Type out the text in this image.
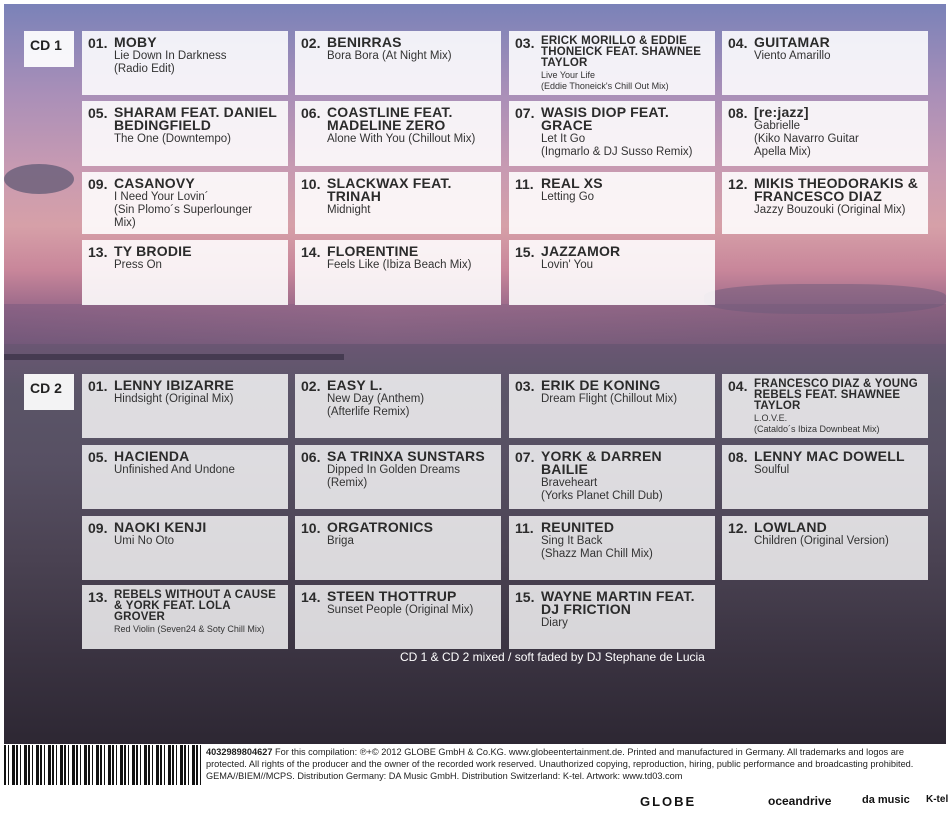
CD 1	01. MOBY
Lie Down In Darkness
(Radio Edit)
02. BENIRRAS
Bora Bora (At Night Mix)
03. ERICK MORILLO & EDDIE THONEICK FEAT. SHAWNEE TAYLOR
Live Your Life
(Eddie Thoneick's Chill Out Mix)
04. GUITAMAR
Viento Amarillo
05. SHARAM FEAT. DANIEL BEDINGFIELD
The One (Downtempo)
06. COASTLINE FEAT. MADELINE ZERO
Alone With You (Chillout Mix)
07. WASIS DIOP FEAT. GRACE
Let It Go
(Ingmarlo & DJ Susso Remix)
08. [re:jazz]
Gabrielle
(Kiko Navarro Guitar
Apella Mix)
09. CASANOVY
I Need Your Lovin´
(Sin Plomo´s Superlounger
Mix)
10. SLACKWAX FEAT. TRINAH
Midnight
11. REAL XS
Letting Go
12. MIKIS THEODORAKIS & FRANCESCO DIAZ
Jazzy Bouzouki (Original Mix)
13. TY BRODIE
Press On
14. FLORENTINE
Feels Like (Ibiza Beach Mix)
15. JAZZAMOR
Lovin' You
CD 2	01. LENNY IBIZARRE
Hindsight (Original Mix)
02. EASY L.
New Day (Anthem)
(Afterlife Remix)
03. ERIK DE KONING
Dream Flight (Chillout Mix)
04. FRANCESCO DIAZ & YOUNG REBELS FEAT. SHAWNEE TAYLOR
L.O.V.E.
(Cataldo´s Ibiza Downbeat Mix)
05. HACIENDA
Unfinished And Undone
06. SA TRINXA SUNSTARS
Dipped In Golden Dreams
(Remix)
07. YORK & DARREN BAILIE
Braveheart
(Yorks Planet Chill Dub)
08. LENNY MAC DOWELL
Soulful
09. NAOKI KENJI
Umi No Oto
10. ORGATRONICS
Briga
11. REUNITED
Sing It Back
(Shazz Man Chill Mix)
12. LOWLAND
Children (Original Version)
13. REBELS WITHOUT A CAUSE & YORK FEAT. LOLA GROVER
Red Violin (Seven24 & Soty Chill Mix)
14. STEEN THOTTRUP
Sunset People (Original Mix)
15. WAYNE MARTIN FEAT. DJ FRICTION
Diary
CD 1 & CD 2 mixed / soft faded by DJ Stephane de Lucia
4032989804627 For this compilation: ℗+© 2012 GLOBE GmbH & Co.KG. www.globeentertainment.de. Printed and manufactured in Germany. All trademarks and logos are protected. All rights of the producer and the owner of the recorded work reserved. Unauthorized copying, reproduction, hiring, public performance and broadcasting prohibited. GEMA//BIEM//MCPS. Distribution Germany: DA Music GmbH. Distribution Switzerland: K-tel. Artwork: www.td03.com
GLOBE	oceandrive	da music K-tel
